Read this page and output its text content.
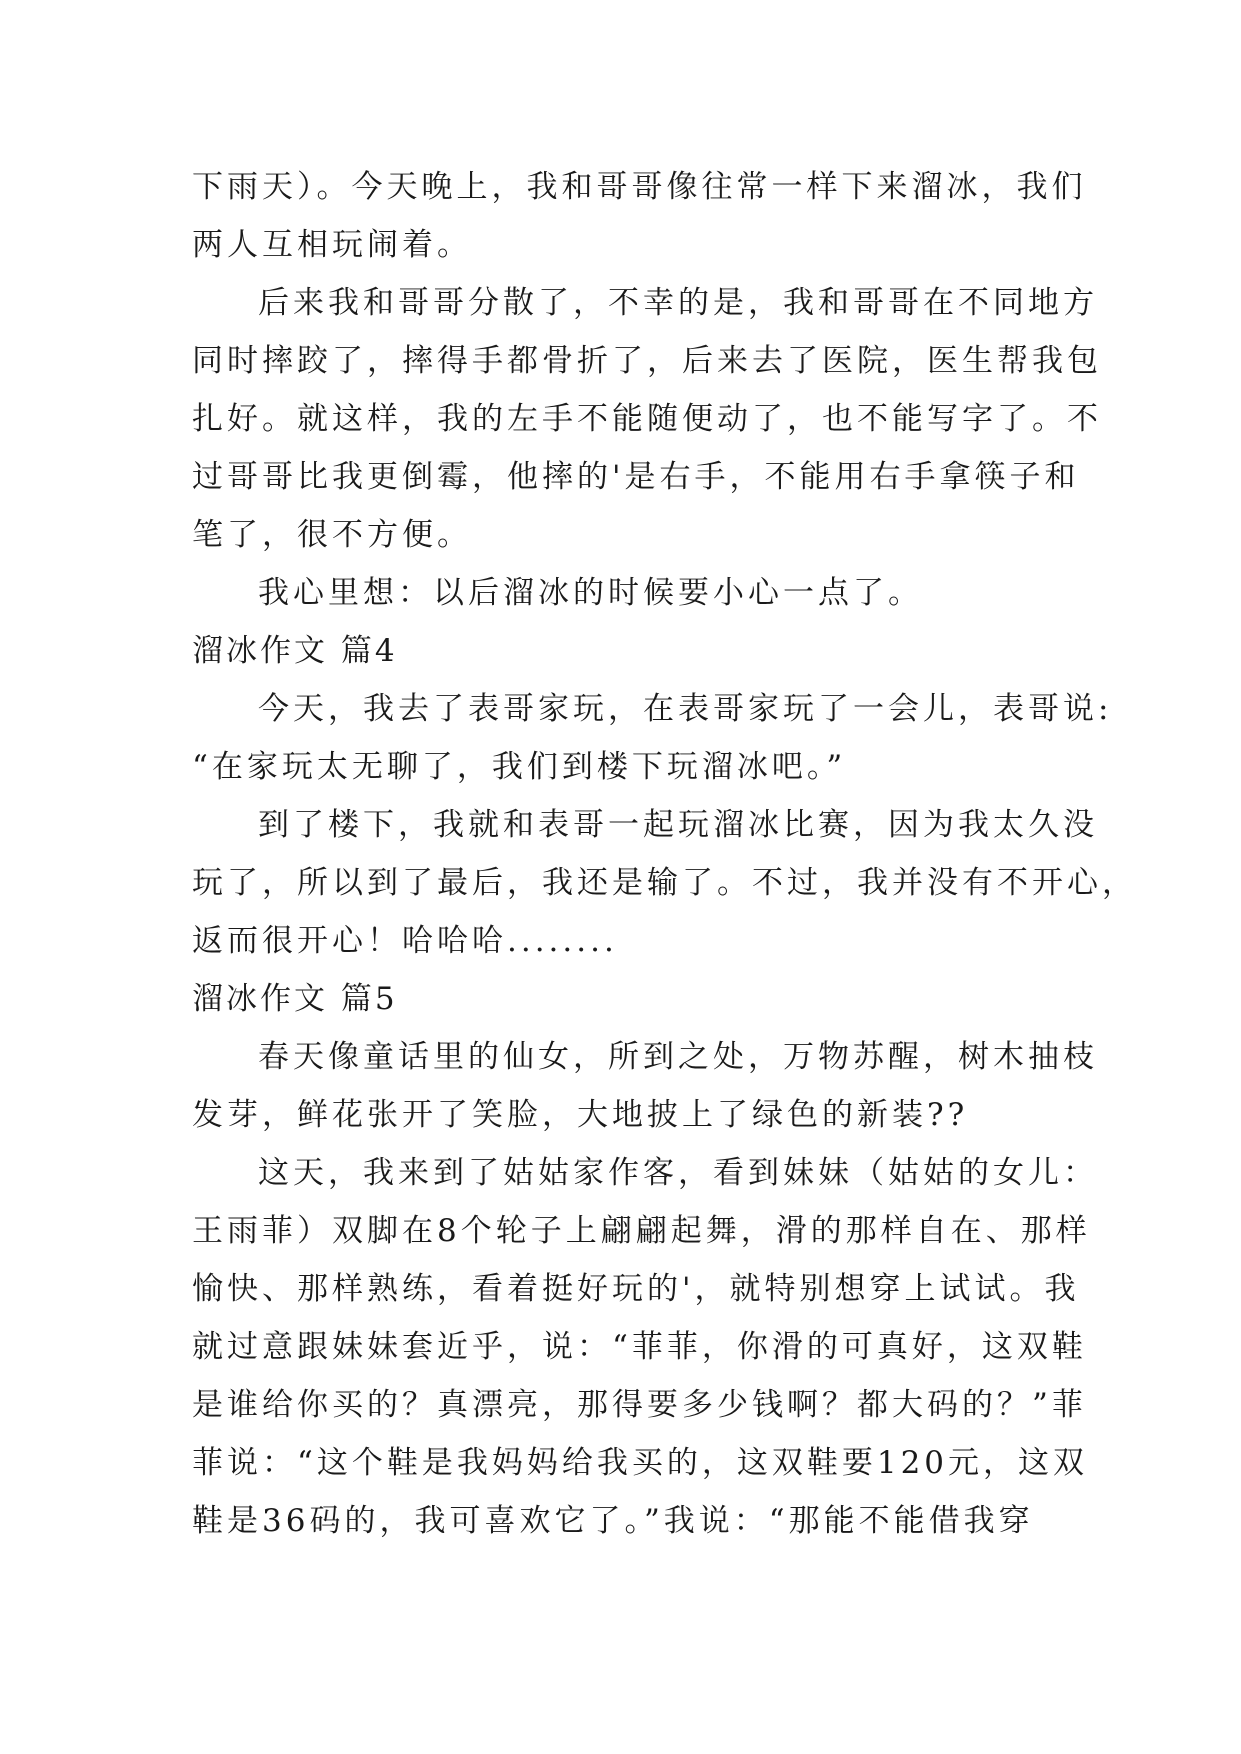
下雨天）。今天晚上，我和哥哥像往常一样下来溜冰，我们
两人互相玩闹着。
后来我和哥哥分散了，不幸的是，我和哥哥在不同地方
同时摔跤了，摔得手都骨折了，后来去了医院，医生帮我包
扎好。就这样，我的左手不能随便动了，也不能写字了。不
过哥哥比我更倒霉，他摔的'是右手，不能用右手拿筷子和
笔了，很不方便。
我心里想：以后溜冰的时候要小心一点了。
溜冰作文 篇4
今天，我去了表哥家玩，在表哥家玩了一会儿，表哥说:
“在家玩太无聊了，我们到楼下玩溜冰吧。”
到了楼下，我就和表哥一起玩溜冰比赛，因为我太久没
玩了，所以到了最后，我还是输了。不过，我并没有不开心，
返而很开心！哈哈哈........
溜冰作文 篇5
春天像童话里的仙女，所到之处，万物苏醒，树木抽枝
发芽，鲜花张开了笑脸，大地披上了绿色的新装??
这天，我来到了姑姑家作客，看到妹妹（姑姑的女儿：
王雨菲）双脚在8个轮子上翩翩起舞，滑的那样自在、那样
愉快、那样熟练，看着挺好玩的'，就特别想穿上试试。我
就过意跟妹妹套近乎，说：“菲菲，你滑的可真好，这双鞋
是谁给你买的？真漂亮，那得要多少钱啊？都大码的？”菲
菲说：“这个鞋是我妈妈给我买的，这双鞋要120元，这双
鞋是36码的，我可喜欢它了。”我说：“那能不能借我穿
